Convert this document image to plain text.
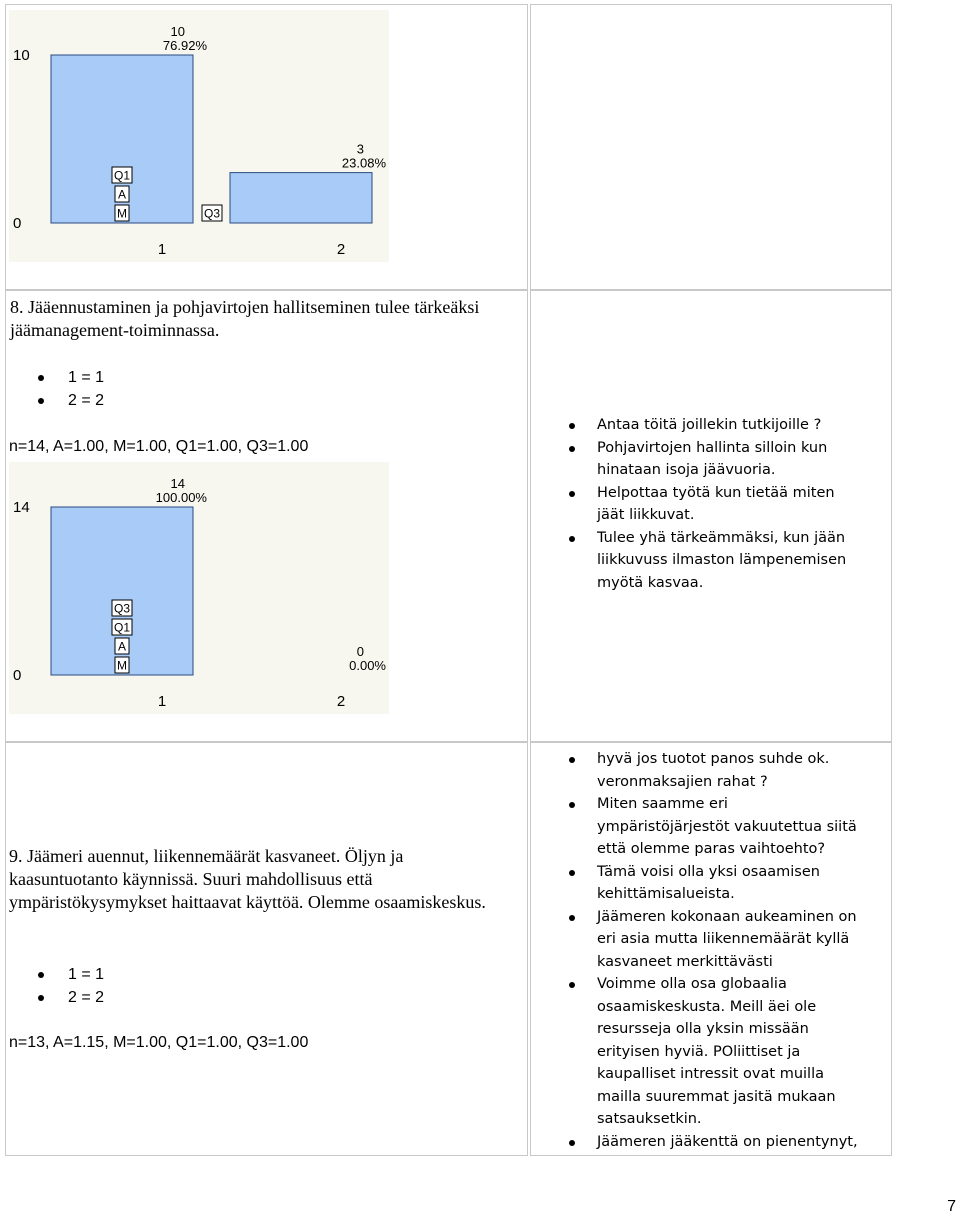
0
10
10
76.92%
1
3
23.08%
2
M
A
Q1
Q3

8. Jääennustaminen ja pohjavirtojen hallitseminen tulee tärkeäksi jäämanagement-toiminnassa.

1 = 1
2 = 2

n=14, A=1.00, M=1.00, Q1=1.00, Q3=1.00

0
14
14
100.00%
1
0
0.00%
2
M
A
Q1
Q3
Antaa töitä joillekin tutkijoille ?
Pohjavirtojen hallinta silloin kun hinataan isoja jäävuoria.
Helpottaa työtä kun tietää miten jäät liikkuvat.
Tulee yhä tärkeämmäksi, kun jään liikkuvuss ilmaston lämpenemisen myötä kasvaa.

9. Jäämeri auennut, liikennemäärät kasvaneet. Öljyn ja kaasuntuotanto käynnissä. Suuri mahdollisuus että ympäristökysymykset haittaavat käyttöä. Olemme osaamiskeskus.

1 = 1
2 = 2

n=13, A=1.15, M=1.00, Q1=1.00, Q3=1.00

hyvä jos tuotot panos suhde ok. veronmaksajien rahat ?
Miten saamme eri ympäristöjärjestöt vakuutettua siitä että olemme paras vaihtoehto?
Tämä voisi olla yksi osaamisen kehittämisalueista.
Jäämeren kokonaan aukeaminen on eri asia mutta liikennemäärät kyllä kasvaneet merkittävästi
Voimme olla osa globaalia osaamiskeskusta. Meill äei ole resursseja olla yksin missään erityisen hyviä. POliittiset ja kaupalliset intressit ovat muilla mailla suuremmat jasitä mukaan satsauksetkin.
Jäämeren jääkenttä on pienentynyt,
7
